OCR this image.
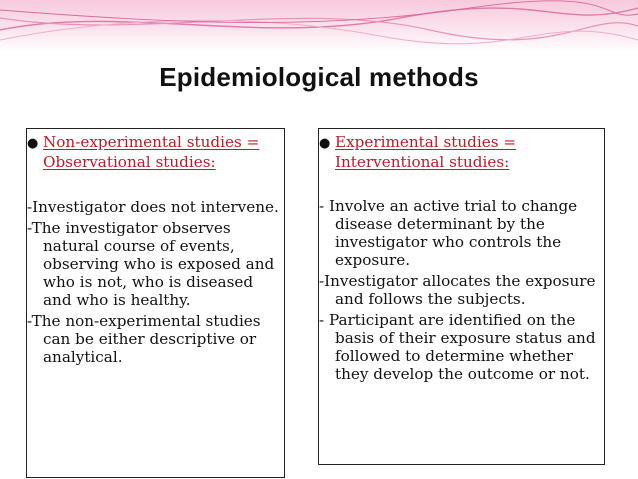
Epidemiological methods
● Non-experimental studies = Observational studies:
-Investigator does not intervene.
-The investigator observes natural course of events, observing who is exposed and who is not, who is diseased and who is healthy.
-The non-experimental studies can be either descriptive or analytical.
● Experimental studies = Interventional studies:
- Involve an active trial to change disease determinant by the investigator who controls the exposure.
-Investigator allocates the exposure and follows the subjects.
- Participant are identified on the basis of their exposure status and followed to determine whether they develop the outcome or not.
